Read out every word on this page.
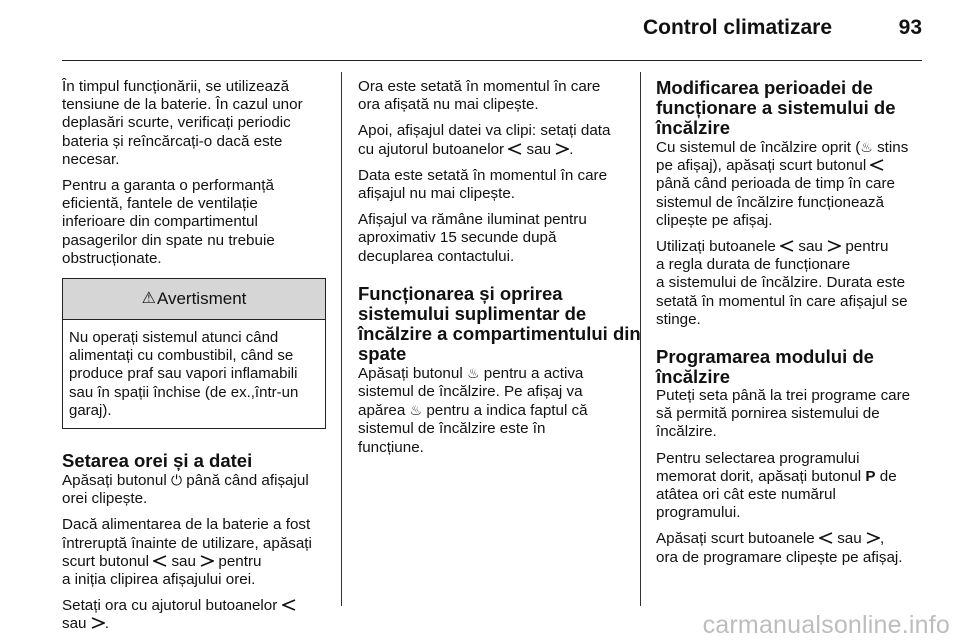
Control climatizare	93

În timpul funcționării, se utilizează
tensiune de la baterie. În cazul unor
deplasări scurte, verificați periodic
bateria și reîncărcați-o dacă este
necesar.

Pentru a garanta o performanță
eficientă, fantele de ventilație
inferioare din compartimentul
pasagerilor din spate nu trebuie
obstrucționate.

⚠ Avertisment
Nu operați sistemul atunci când
alimentați cu combustibil, când se
produce praf sau vapori inflamabili
sau în spații închise (de ex.,într-un
garaj).
Setarea orei și a datei

Apăsați butonul ⏻ până când afișajul
orei clipește.

Dacă alimentarea de la baterie a fost
întreruptă înainte de utilizare, apăsați
scurt butonul sau pentru
a iniția clipirea afișajului orei.

Setați ora cu ajutorul butoanelor
sau .

Ora este setată în momentul în care
ora afișată nu mai clipește.

Apoi, afișajul datei va clipi: setați data
cu ajutorul butoanelor sau .

Data este setată în momentul în care
afișajul nu mai clipește.

Afișajul va rămâne iluminat pentru
aproximativ 15 secunde după
decuplarea contactului.

Funcționarea și oprirea
sistemului suplimentar de
încălzire a compartimentului din
spate

Apăsați butonul ♨ pentru a activa
sistemul de încălzire. Pe afișaj va
apărea ♨ pentru a indica faptul că
sistemul de încălzire este în
funcțiune.

Modificarea perioadei de
funcționare a sistemului de
încălzire

Cu sistemul de încălzire oprit (♨ stins
pe afișaj), apăsați scurt butonul
până când perioada de timp în care
sistemul de încălzire funcționează
clipește pe afișaj.

Utilizați butoanele sau pentru
a regla durata de funcționare
a sistemului de încălzire. Durata este
setată în momentul în care afișajul se
stinge.

Programarea modului de
încălzire

Puteți seta până la trei programe care
să permită pornirea sistemului de
încălzire.

Pentru selectarea programului
memorat dorit, apăsați butonul P de
atâtea ori cât este numărul
programului.

Apăsați scurt butoanele sau ,
ora de programare clipește pe afișaj.

carmanualsonline.info
